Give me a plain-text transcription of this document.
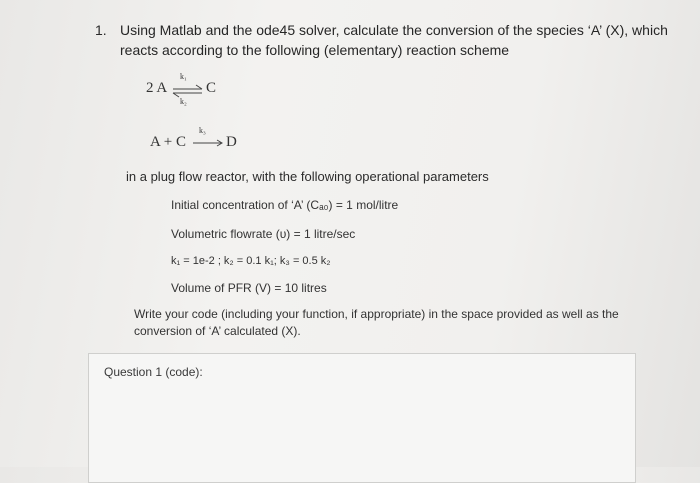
1. Using Matlab and the ode45 solver, calculate the conversion of the species ‘A’ (X), which
reacts according to the following (elementary) reaction scheme
2 A
k₁
k₂
C
A + C
k₃
D
in a plug flow reactor, with the following operational parameters
Initial concentration of ‘A’ (Cₐ₀) = 1 mol/litre
Volumetric flowrate (υ) = 1 litre/sec
k₁ = 1e-2 ; k₂ = 0.1 k₁; k₃ = 0.5 k₂
Volume of PFR (V) = 10 litres
Write your code (including your function, if appropriate) in the space provided as well as the
conversion of ‘A’ calculated (X).
Question 1 (code):
